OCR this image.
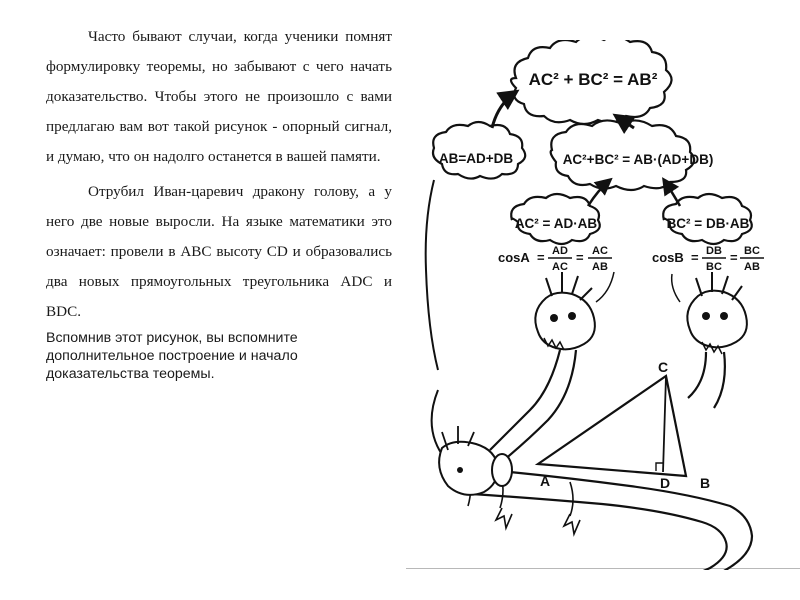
Часто бывают случаи, когда ученики помнят формулировку теоремы, но забывают с чего начать доказательство. Чтобы этого не произошло с вами предлагаю вам вот такой рисунок - опорный сигнал, и думаю, что он надолго останется в вашей памяти.

Отрубил Иван-царевич дракону голову, а у него две новые выросли. На языке математики это означает: провели в АВС высоту CD и образовались два новых прямоугольных треугольника ADC и BDC.

Вспомнив этот рисунок, вы вспомните дополнительное построение и начало доказательства теоремы.

AC² + BC² = AB²
AB=AD+DB	AC²+BC² = AB·(AD+DB)
AC² = AD·AB	BC² = DB·AB
cosA = AD
AC
= AC
AB
cosB = DB
BC
= BC
AB
A	B
C
D
